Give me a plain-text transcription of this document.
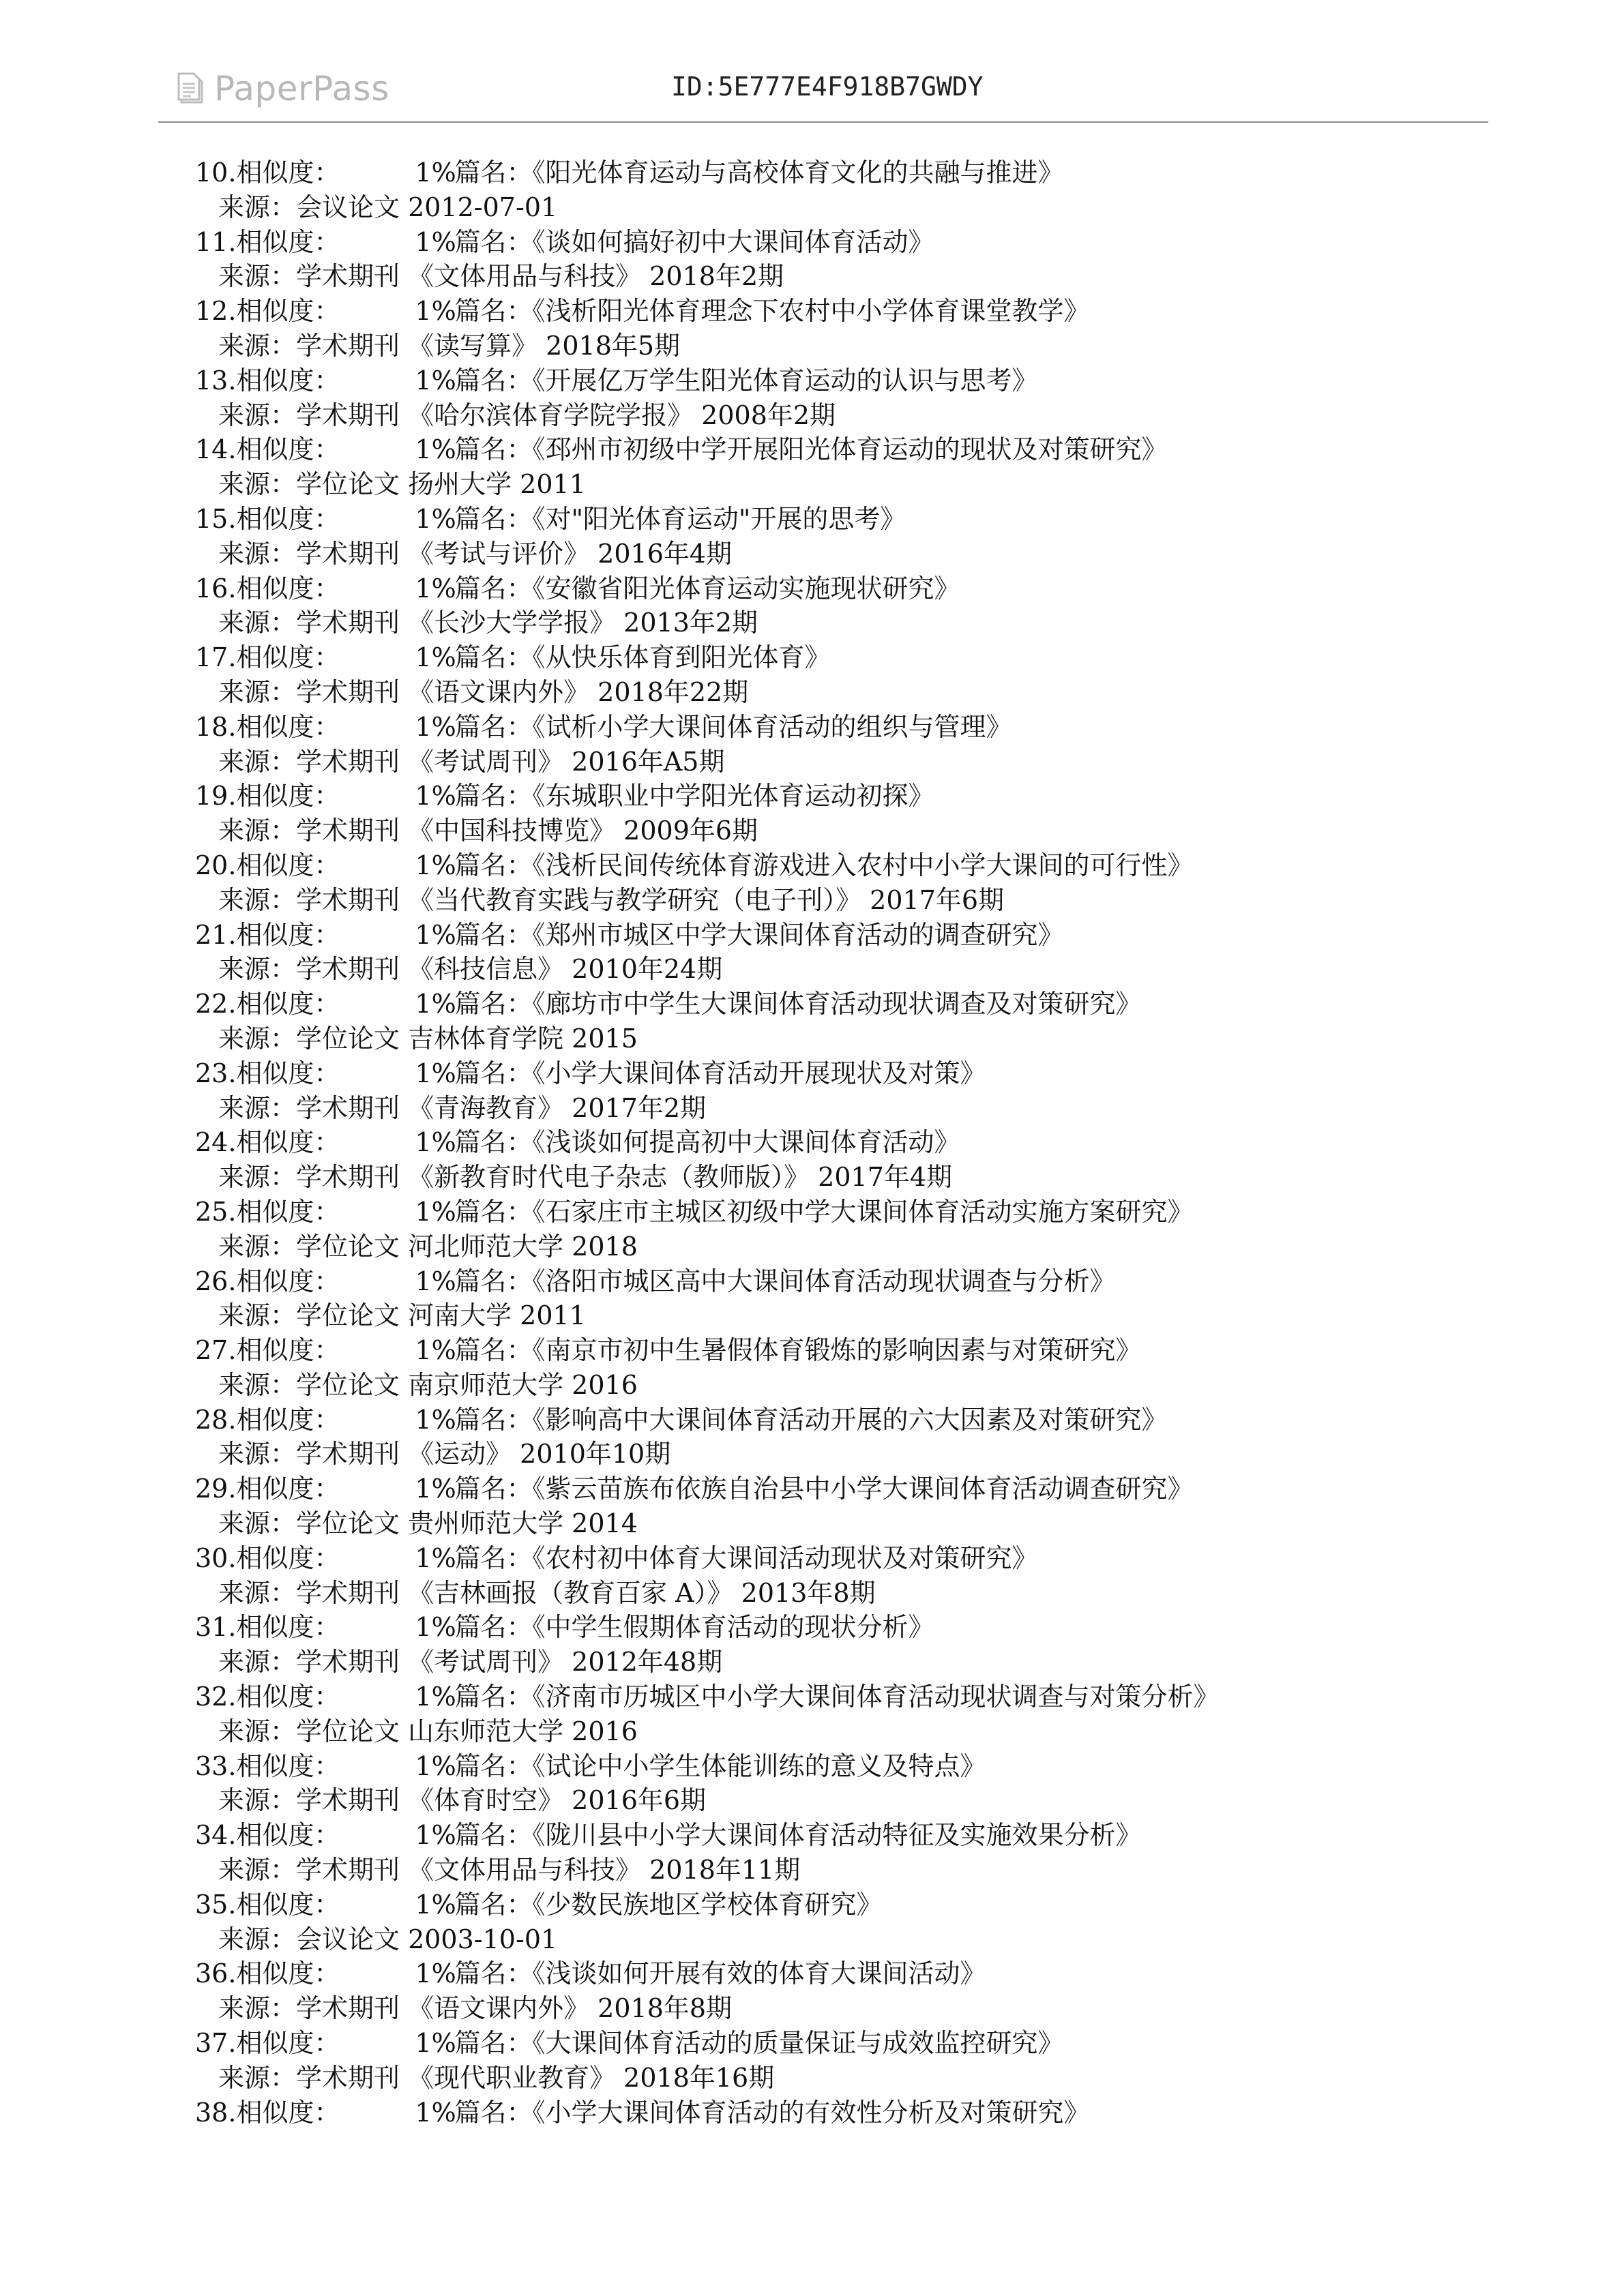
PaperPass	ID:5E777E4F918B7GWDY
10.相似度：	1%篇名：《阳光体育运动与高校体育文化的共融与推进》
来源：会议论文 2012-07-01
11.相似度：	1%篇名：《谈如何搞好初中大课间体育活动》
来源：学术期刊 《文体用品与科技》 2018年2期
12.相似度：	1%篇名：《浅析阳光体育理念下农村中小学体育课堂教学》
来源：学术期刊 《读写算》 2018年5期
13.相似度：	1%篇名：《开展亿万学生阳光体育运动的认识与思考》
来源：学术期刊 《哈尔滨体育学院学报》 2008年2期
14.相似度：	1%篇名：《邳州市初级中学开展阳光体育运动的现状及对策研究》
来源：学位论文 扬州大学 2011
15.相似度：	1%篇名：《对"阳光体育运动"开展的思考》
来源：学术期刊 《考试与评价》 2016年4期
16.相似度：	1%篇名：《安徽省阳光体育运动实施现状研究》
来源：学术期刊 《长沙大学学报》 2013年2期
17.相似度：	1%篇名：《从快乐体育到阳光体育》
来源：学术期刊 《语文课内外》 2018年22期
18.相似度：	1%篇名：《试析小学大课间体育活动的组织与管理》
来源：学术期刊 《考试周刊》 2016年A5期
19.相似度：	1%篇名：《东城职业中学阳光体育运动初探》
来源：学术期刊 《中国科技博览》 2009年6期
20.相似度：	1%篇名：《浅析民间传统体育游戏进入农村中小学大课间的可行性》
来源：学术期刊 《当代教育实践与教学研究（电子刊）》 2017年6期
21.相似度：	1%篇名：《郑州市城区中学大课间体育活动的调查研究》
来源：学术期刊 《科技信息》 2010年24期
22.相似度：	1%篇名：《廊坊市中学生大课间体育活动现状调查及对策研究》
来源：学位论文 吉林体育学院 2015
23.相似度：	1%篇名：《小学大课间体育活动开展现状及对策》
来源：学术期刊 《青海教育》 2017年2期
24.相似度：	1%篇名：《浅谈如何提高初中大课间体育活动》
来源：学术期刊 《新教育时代电子杂志（教师版）》 2017年4期
25.相似度：	1%篇名：《石家庄市主城区初级中学大课间体育活动实施方案研究》
来源：学位论文 河北师范大学 2018
26.相似度：	1%篇名：《洛阳市城区高中大课间体育活动现状调查与分析》
来源：学位论文 河南大学 2011
27.相似度：	1%篇名：《南京市初中生暑假体育锻炼的影响因素与对策研究》
来源：学位论文 南京师范大学 2016
28.相似度：	1%篇名：《影响高中大课间体育活动开展的六大因素及对策研究》
来源：学术期刊 《运动》 2010年10期
29.相似度：	1%篇名：《紫云苗族布依族自治县中小学大课间体育活动调查研究》
来源：学位论文 贵州师范大学 2014
30.相似度：	1%篇名：《农村初中体育大课间活动现状及对策研究》
来源：学术期刊 《吉林画报（教育百家 A）》 2013年8期
31.相似度：	1%篇名：《中学生假期体育活动的现状分析》
来源：学术期刊 《考试周刊》 2012年48期
32.相似度：	1%篇名：《济南市历城区中小学大课间体育活动现状调查与对策分析》
来源：学位论文 山东师范大学 2016
33.相似度：	1%篇名：《试论中小学生体能训练的意义及特点》
来源：学术期刊 《体育时空》 2016年6期
34.相似度：	1%篇名：《陇川县中小学大课间体育活动特征及实施效果分析》
来源：学术期刊 《文体用品与科技》 2018年11期
35.相似度：	1%篇名：《少数民族地区学校体育研究》
来源：会议论文 2003-10-01
36.相似度：	1%篇名：《浅谈如何开展有效的体育大课间活动》
来源：学术期刊 《语文课内外》 2018年8期
37.相似度：	1%篇名：《大课间体育活动的质量保证与成效监控研究》
来源：学术期刊 《现代职业教育》 2018年16期
38.相似度：	1%篇名：《小学大课间体育活动的有效性分析及对策研究》
